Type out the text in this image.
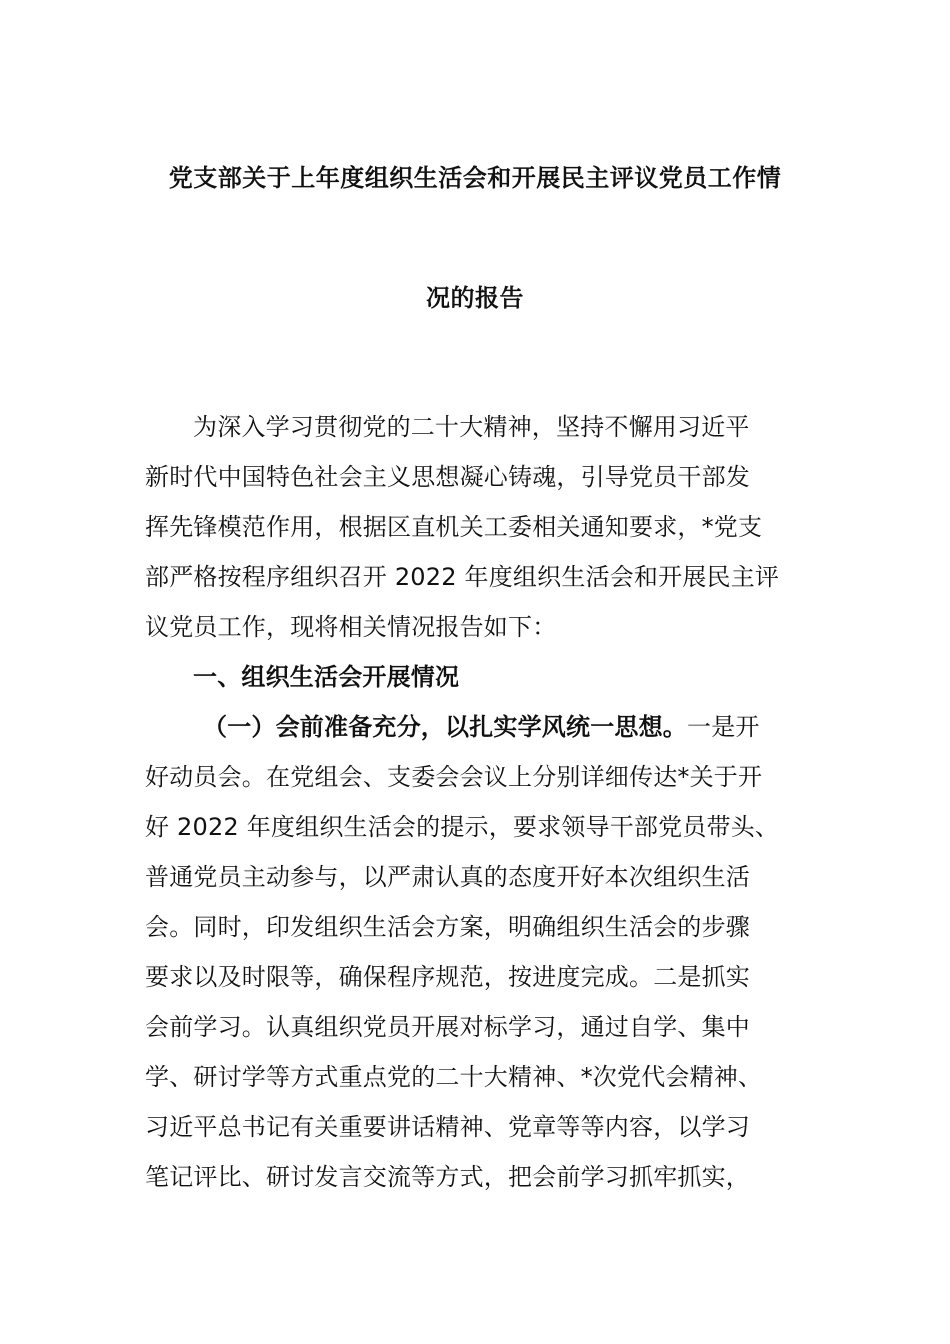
党支部关于上年度组织生活会和开展民主评议党员工作情
况的报告
为深入学习贯彻党的二十大精神，坚持不懈用习近平
新时代中国特色社会主义思想凝心铸魂，引导党员干部发
挥先锋模范作用，根据区直机关工委相关通知要求，*党支
部严格按程序组织召开 2022 年度组织生活会和开展民主评
议党员工作，现将相关情况报告如下：
一、组织生活会开展情况
（一）会前准备充分，以扎实学风统一思想。一是开
好动员会。在党组会、支委会会议上分别详细传达*关于开
好 2022 年度组织生活会的提示，要求领导干部党员带头、
普通党员主动参与，以严肃认真的态度开好本次组织生活
会。同时，印发组织生活会方案，明确组织生活会的步骤
要求以及时限等，确保程序规范，按进度完成。二是抓实
会前学习。认真组织党员开展对标学习，通过自学、集中
学、研讨学等方式重点党的二十大精神、*次党代会精神、
习近平总书记有关重要讲话精神、党章等等内容，以学习
笔记评比、研讨发言交流等方式，把会前学习抓牢抓实，
